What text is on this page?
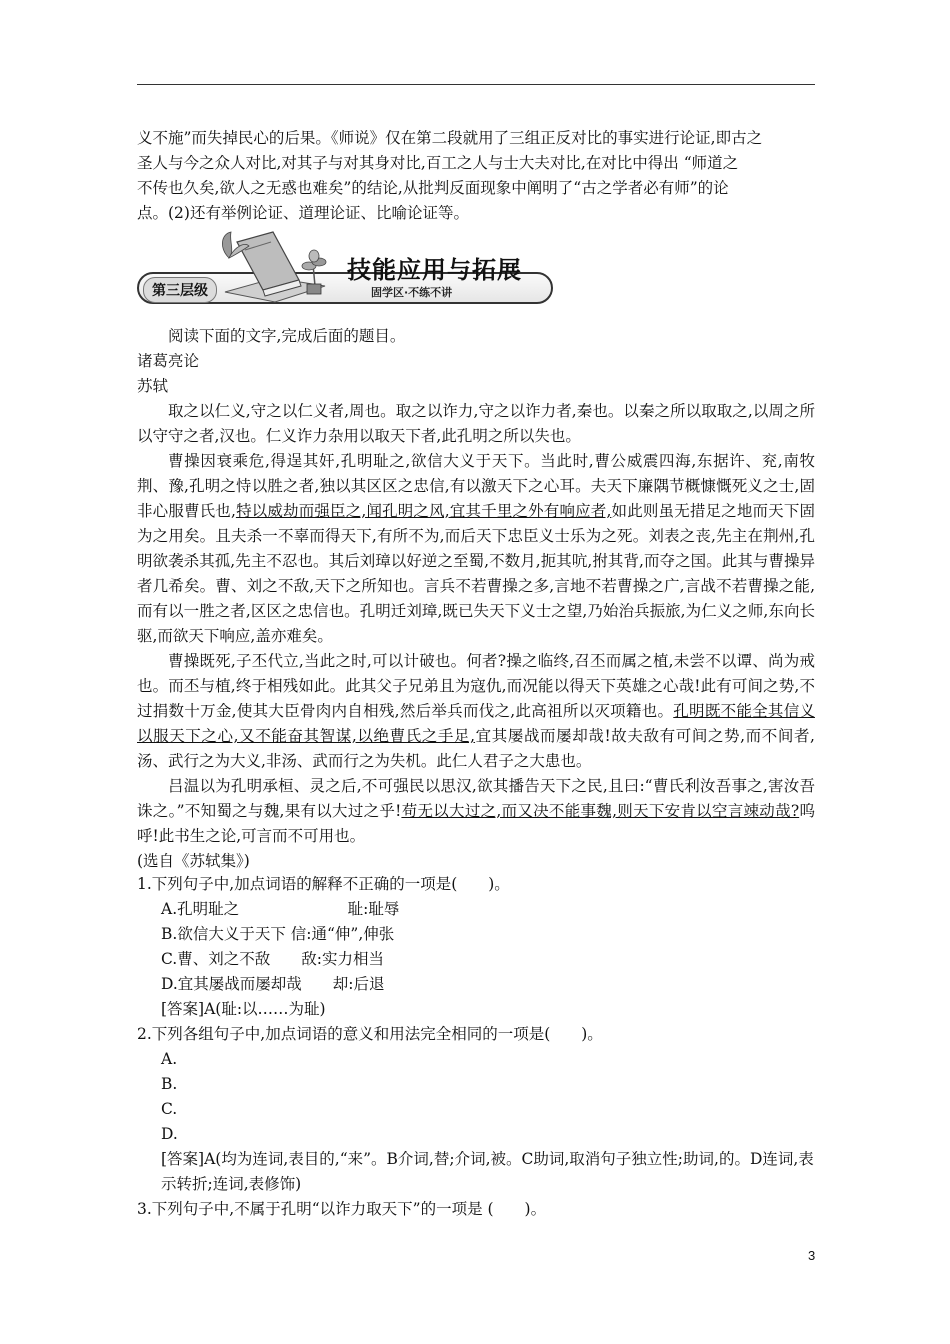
义不施”而失掉民心的后果。《师说》仅在第二段就用了三组正反对比的事实进行论证,即古之

圣人与今之众人对比,对其子与对其身对比,百工之人与士大夫对比,在对比中得出 “师道之

不传也久矣,欲人之无惑也难矣”的结论,从批判反面现象中阐明了“古之学者必有师”的论

点。(2)还有举例论证、道理论证、比喻论证等。

第三层级
技能应用与拓展
固学区·不练不讲

阅读下面的文字,完成后面的题目。

诸葛亮论

苏轼

取之以仁义,守之以仁义者,周也。取之以诈力,守之以诈力者,秦也。以秦之所以取取之,以周之所以守守之者,汉也。仁义诈力杂用以取天下者,此孔明之所以失也。

曹操因衰乘危,得逞其奸,孔明耻之,欲信大义于天下。当此时,曹公威震四海,东据许、兖,南牧荆、豫,孔明之恃以胜之者,独以其区区之忠信,有以激天下之心耳。夫天下廉隅节概慷慨死义之士,固非心服曹氏也,特以威劫而强臣之,闻孔明之风,宜其千里之外有响应者,如此则虽无措足之地而天下固为之用矣。且夫杀一不辜而得天下,有所不为,而后天下忠臣义士乐为之死。刘表之丧,先主在荆州,孔明欲袭杀其孤,先主不忍也。其后刘璋以好逆之至蜀,不数月,扼其吭,拊其背,而夺之国。此其与曹操异者几希矣。曹、刘之不敌,天下之所知也。言兵不若曹操之多,言地不若曹操之广,言战不若曹操之能,而有以一胜之者,区区之忠信也。孔明迁刘璋,既已失天下义士之望,乃始治兵振旅,为仁义之师,东向长驱,而欲天下响应,盖亦难矣。

曹操既死,子丕代立,当此之时,可以计破也。何者?操之临终,召丕而属之植,未尝不以谭、尚为戒也。而丕与植,终于相残如此。此其父子兄弟且为寇仇,而况能以得天下英雄之心哉!此有可间之势,不过捐数十万金,使其大臣骨肉内自相残,然后举兵而伐之,此高祖所以灭项籍也。孔明既不能全其信义以服天下之心,又不能奋其智谋,以绝曹氏之手足,宜其屡战而屡却哉!故夫敌有可间之势,而不间者,汤、武行之为大义,非汤、武而行之为失机。此仁人君子之大患也。

吕温以为孔明承桓、灵之后,不可强民以思汉,欲其播告天下之民,且曰:“曹氏利汝吾事之,害汝吾诛之。”不知蜀之与魏,果有以大过之乎!苟无以大过之,而又决不能事魏,则天下安肯以空言竦动哉?呜呼!此书生之论,可言而不可用也。

(选自《苏轼集》)

1.下列句子中,加点词语的解释不正确的一项是(　　)。
A.孔明耻之　　　　　　　耻:耻辱
B.欲信大义于天下 信:通“伸”,伸张
C.曹、刘之不敌　　敌:实力相当
D.宜其屡战而屡却哉　　却:后退
[答案]A(耻:以……为耻)
2.下列各组句子中,加点词语的意义和用法完全相同的一项是(　　)。
A.
B.
C.
D.
[答案]A(均为连词,表目的,“来”。B介词,替;介词,被。C助词,取消句子独立性;助词,的。D连词,表示转折;连词,表修饰)
3.下列句子中,不属于孔明“以诈力取天下”的一项是 (　　)。
3
